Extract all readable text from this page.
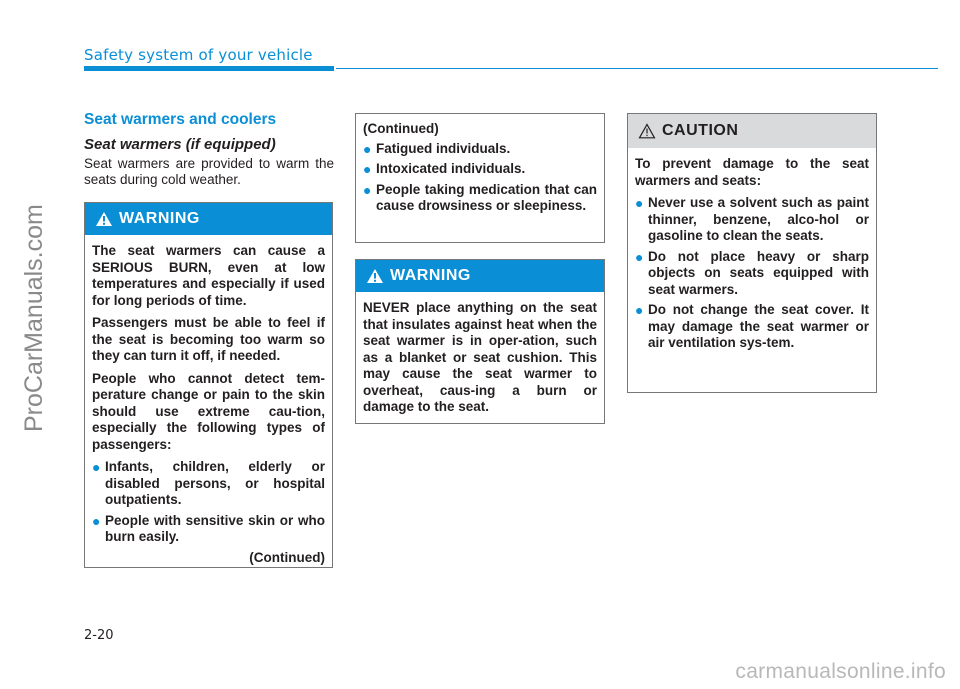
Safety system of your vehicle
ProCarManuals.com
Seat warmers and coolers
Seat warmers (if equipped)
Seat warmers are provided to warm the seats during cold weather.
WARNING

The seat warmers can cause a SERIOUS BURN, even at low temperatures and especially if used for long periods of time.

Passengers must be able to feel if the seat is becoming too warm so they can turn it off, if needed.

People who cannot detect tem-perature change or pain to the skin should use extreme cau-tion, especially the following types of passengers:

● Infants, children, elderly or disabled persons, or hospital outpatients.
● People with sensitive skin or who burn easily.
(Continued)

(Continued)

● Fatigued individuals.
● Intoxicated individuals.
● People taking medication that can cause drowsiness or sleepiness.
WARNING

NEVER place anything on the seat that insulates against heat when the seat warmer is in oper-ation, such as a blanket or seat cushion. This may cause the seat warmer to overheat, caus-ing a burn or damage to the seat.

CAUTION

To prevent damage to the seat warmers and seats:

● Never use a solvent such as paint thinner, benzene, alco-hol or gasoline to clean the seats.
● Do not place heavy or sharp objects on seats equipped with seat warmers.
● Do not change the seat cover. It may damage the seat warmer or air ventilation sys-tem.
2-20
carmanualsonline.info
